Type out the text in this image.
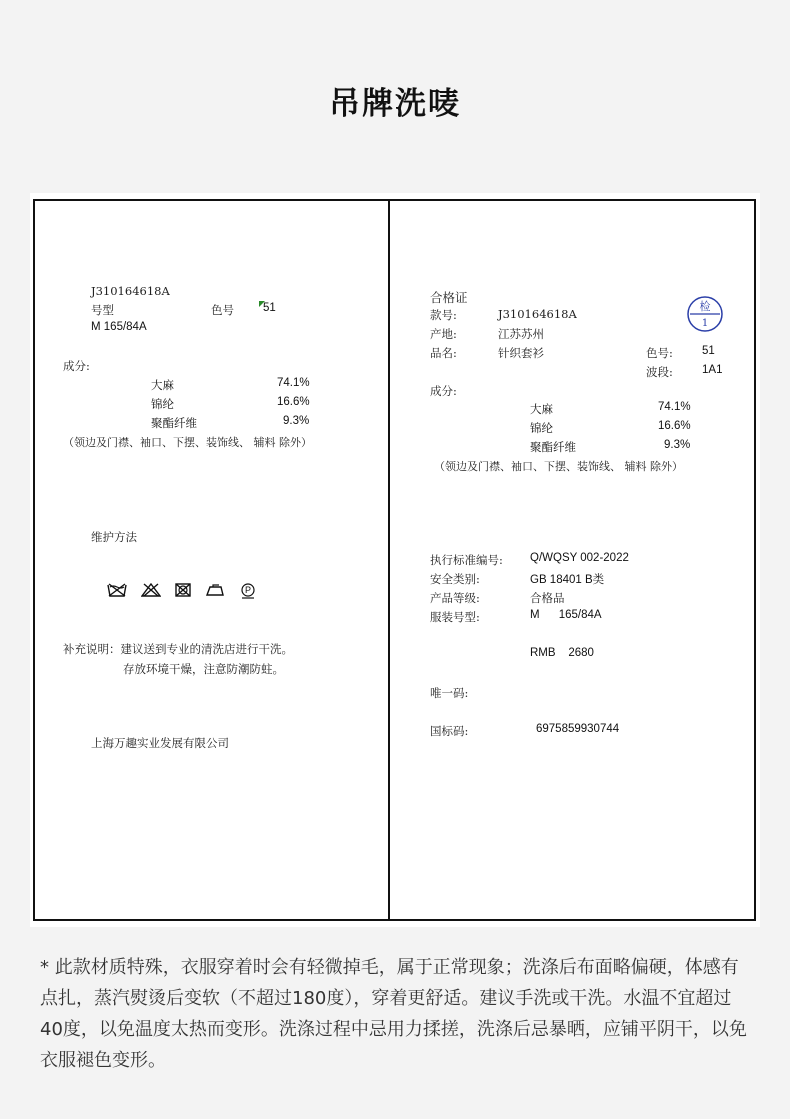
吊牌洗唛
J310164618A
号型	色号	51
M 165/84A
成分:
大麻	74.1%
锦纶	16.6%
聚酯纤维	9.3%
（领边及门襟、袖口、下摆、装饰线、 辅料 除外）
维护方法
P
补充说明：建议送到专业的清洗店进行干洗。
存放环境干燥，注意防潮防蛀。
上海万趣实业发展有限公司
合格证
检
1
款号:	J310164618A
产地:	江苏苏州
品名:	针织套衫	色号:	51
波段:	1A1
成分:
大麻	74.1%
锦纶	16.6%
聚酯纤维	9.3%
（领边及门襟、袖口、下摆、装饰线、 辅料 除外）
执行标准编号: Q/WQSY 002-2022
安全类别:	GB 18401 B类
产品等级:	合格品
服装号型:	M      165/84A
RMB    2680
唯一码:
国标码:	6975859930744
* 此款材质特殊，衣服穿着时会有轻微掉毛，属于正常现象；洗涤后布面略偏硬，体感有点扎，蒸汽熨烫后变软（不超过180度），穿着更舒适。建议手洗或干洗。水温不宜超过40度，以免温度太热而变形。洗涤过程中忌用力揉搓，洗涤后忌暴晒，应铺平阴干，以免衣服褪色变形。
